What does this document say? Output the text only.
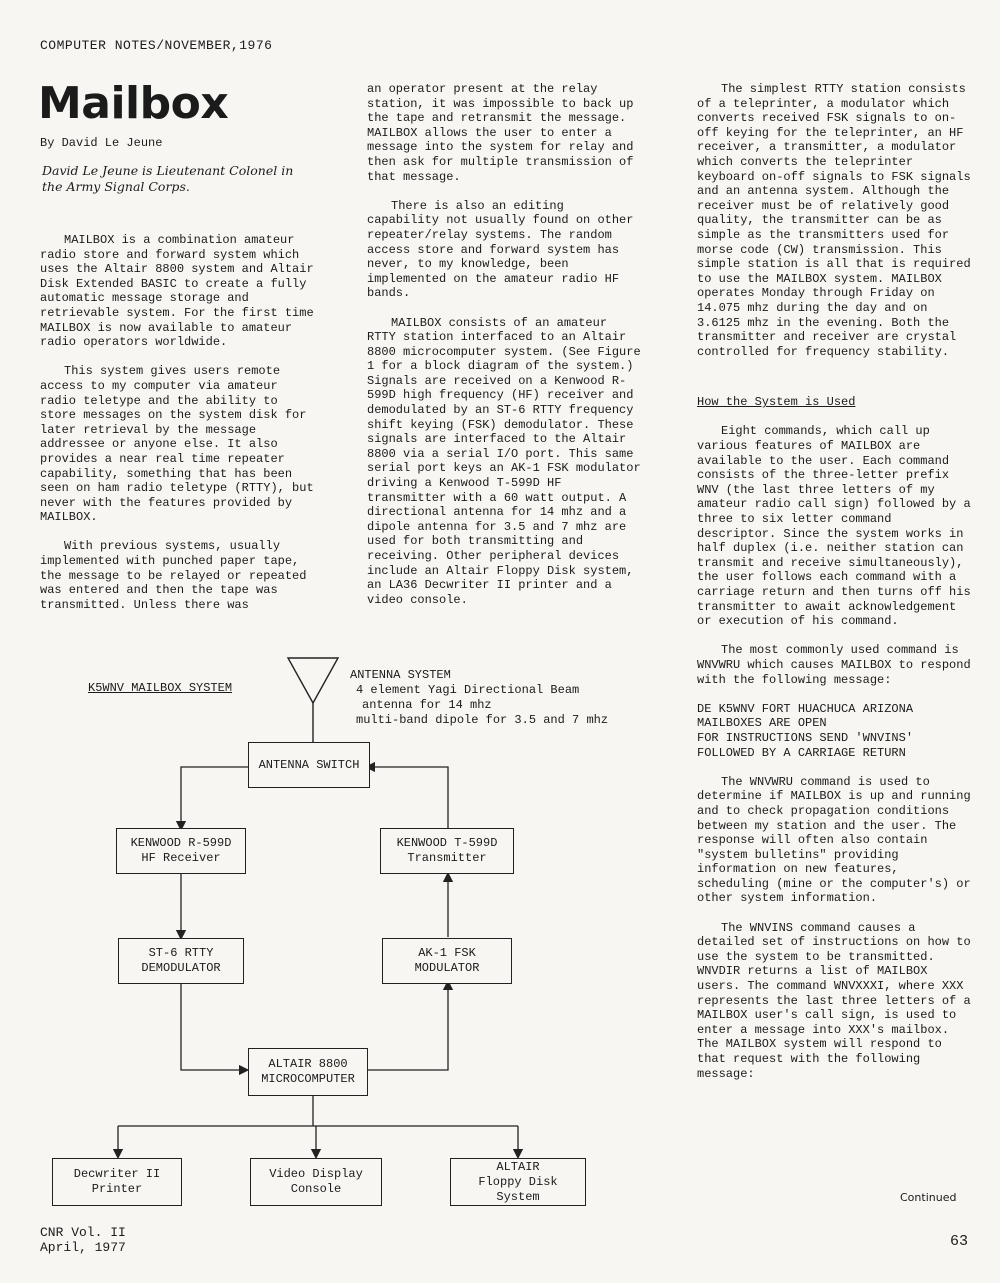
COMPUTER NOTES/NOVEMBER,1976
Mailbox
By David Le Jeune
David Le Jeune is Lieutenant Colonel in the Army Signal Corps.

MAILBOX is a combination amateur radio store and forward system which uses the Altair 8800 system and Altair Disk Extended BASIC to create a fully automatic message storage and retrievable system. For the first time MAILBOX is now available to amateur radio operators worldwide.

This system gives users remote access to my computer via amateur radio teletype and the ability to store messages on the system disk for later retrieval by the message addressee or anyone else. It also provides a near real time repeater capability, something that has been seen on ham radio teletype (RTTY), but never with the features provided by MAILBOX.

With previous systems, usually implemented with punched paper tape, the message to be relayed or repeated was entered and then the tape was transmitted. Unless there was

an operator present at the relay station, it was impossible to back up the tape and retransmit the message. MAILBOX allows the user to enter a message into the system for relay and then ask for multiple transmission of that message.

There is also an editing capability not usually found on other repeater/relay systems. The random access store and forward system has never, to my knowledge, been implemented on the amateur radio HF bands.

MAILBOX consists of an amateur RTTY station interfaced to an Altair 8800 microcomputer system. (See Figure 1 for a block diagram of the system.) Signals are received on a Kenwood R-599D high frequency (HF) receiver and demodulated by an ST-6 RTTY frequency shift keying (FSK) demodulator. These signals are interfaced to the Altair 8800 via a serial I/O port. This same serial port keys an AK-1 FSK modulator driving a Kenwood T-599D HF transmitter with a 60 watt output. A directional antenna for 14 mhz and a dipole antenna for 3.5 and 7 mhz are used for both transmitting and receiving. Other peripheral devices include an Altair Floppy Disk system, an LA36 Decwriter II printer and a video console.

The simplest RTTY station consists of a teleprinter, a modulator which converts received FSK signals to on-off keying for the teleprinter, an HF receiver, a transmitter, a modulator which converts the teleprinter keyboard on-off signals to FSK signals and an antenna system. Although the receiver must be of relatively good quality, the transmitter can be as simple as the transmitters used for morse code (CW) transmission. This simple station is all that is required to use the MAILBOX system. MAILBOX operates Monday through Friday on 14.075 mhz during the day and on 3.6125 mhz in the evening. Both the transmitter and receiver are crystal controlled for frequency stability.

How the System is Used

Eight commands, which call up various features of MAILBOX are available to the user. Each command consists of the three-letter prefix WNV (the last three letters of my amateur radio call sign) followed by a three to six letter command descriptor. Since the system works in half duplex (i.e. neither station can transmit and receive simultaneously), the user follows each command with a carriage return and then turns off his transmitter to await acknowledgement or execution of his command.

The most commonly used command is WNVWRU which causes MAILBOX to respond with the following message:

DE K5WNV FORT HUACHUCA ARIZONA
MAILBOXES ARE OPEN
FOR INSTRUCTIONS SEND 'WNVINS'
FOLLOWED BY A CARRIAGE RETURN

The WNVWRU command is used to determine if MAILBOX is up and running and to check propagation conditions between my station and the user. The response will often also contain "system bulletins" providing information on new features, scheduling (mine or the computer's) or other system information.

The WNVINS command causes a detailed set of instructions on how to use the system to be transmitted. WNVDIR returns a list of MAILBOX users. The command WNVXXXI, where XXX represents the last three letters of a MAILBOX user's call sign, is used to enter a message into XXX's mailbox. The MAILBOX system will respond to that request with the following message:

K5WNV MAILBOX SYSTEM
ANTENNA SYSTEM
4 element Yagi Directional Beam
antenna for 14 mhz
multi-band dipole for 3.5 and 7 mhz
ANTENNA SWITCH
KENWOOD R-599D
HF Receiver
KENWOOD T-599D
Transmitter
ST-6 RTTY
DEMODULATOR
AK-1 FSK
MODULATOR
ALTAIR 8800
MICROCOMPUTER
Decwriter II
Printer
Video Display
Console
ALTAIR
Floppy Disk
System	Continued
CNR Vol. II
April, 1977	63
